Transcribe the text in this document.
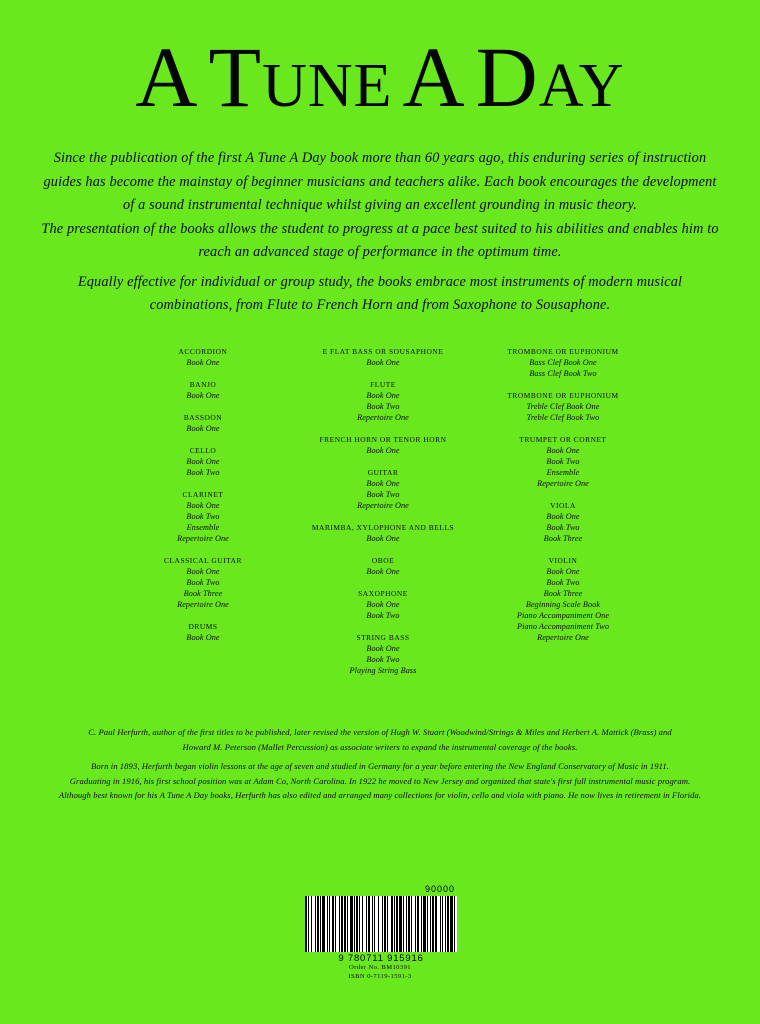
A TUNE A DAY

Since the publication of the first A Tune A Day book more than 60 years ago, this enduring series of instruction

guides has become the mainstay of beginner musicians and teachers alike. Each book encourages the development

of a sound instrumental technique whilst giving an excellent grounding in music theory.

The presentation of the books allows the student to progress at a pace best suited to his abilities and enables him to

reach an advanced stage of performance in the optimum time.

Equally effective for individual or group study, the books embrace most instruments of modern musical

combinations, from Flute to French Horn and from Saxophone to Sousaphone.

ACCORDION
Book One
BANJO
Book One
BASSOON
Book One
CELLO
Book One
Book Two
CLARINET
Book One
Book Two
Ensemble
Repertoire One
CLASSICAL GUITAR
Book One
Book Two
Book Three
Repertoire One
DRUMS
Book One
E FLAT BASS OR SOUSAPHONE
Book One
FLUTE
Book One
Book Two
Repertoire One
FRENCH HORN OR TENOR HORN
Book One
GUITAR
Book One
Book Two
Repertoire One
MARIMBA, XYLOPHONE AND BELLS
Book One
OBOE
Book One
SAXOPHONE
Book One
Book Two
STRING BASS
Book One
Book Two
Playing String Bass
TROMBONE OR EUPHONIUM
Bass Clef Book One
Bass Clef Book Two
TROMBONE OR EUPHONIUM
Treble Clef Book One
Treble Clef Book Two
TRUMPET OR CORNET
Book One
Book Two
Ensemble
Repertoire One
VIOLA
Book One
Book Two
Book Three
VIOLIN
Book One
Book Two
Book Three
Beginning Scale Book
Piano Accompaniment One
Piano Accompaniment Two
Repertoire One

C. Paul Herfurth, author of the first titles to be published, later revised the version of Hugh W. Stuart (Woodwind/Strings & Miles and Herbert A. Mattick (Brass) and

Howard M. Peterson (Mallet Percussion) as associate writers to expand the instrumental coverage of the books.

Born in 1893, Herfurth began violin lessons at the age of seven and studied in Germany for a year before entering the New England Conservatory of Music in 1911.

Graduating in 1916, his first school position was at Adam Co, North Carolina. In 1922 he moved to New Jersey and organized that state's first full instrumental music program.

Although best known for his A Tune A Day books, Herfurth has also edited and arranged many collections for violin, cello and viola with piano. He now lives in retirement in Florida.

90000
9 780711 915916
Order No. BM10391
ISBN 0-7119-1591-3
